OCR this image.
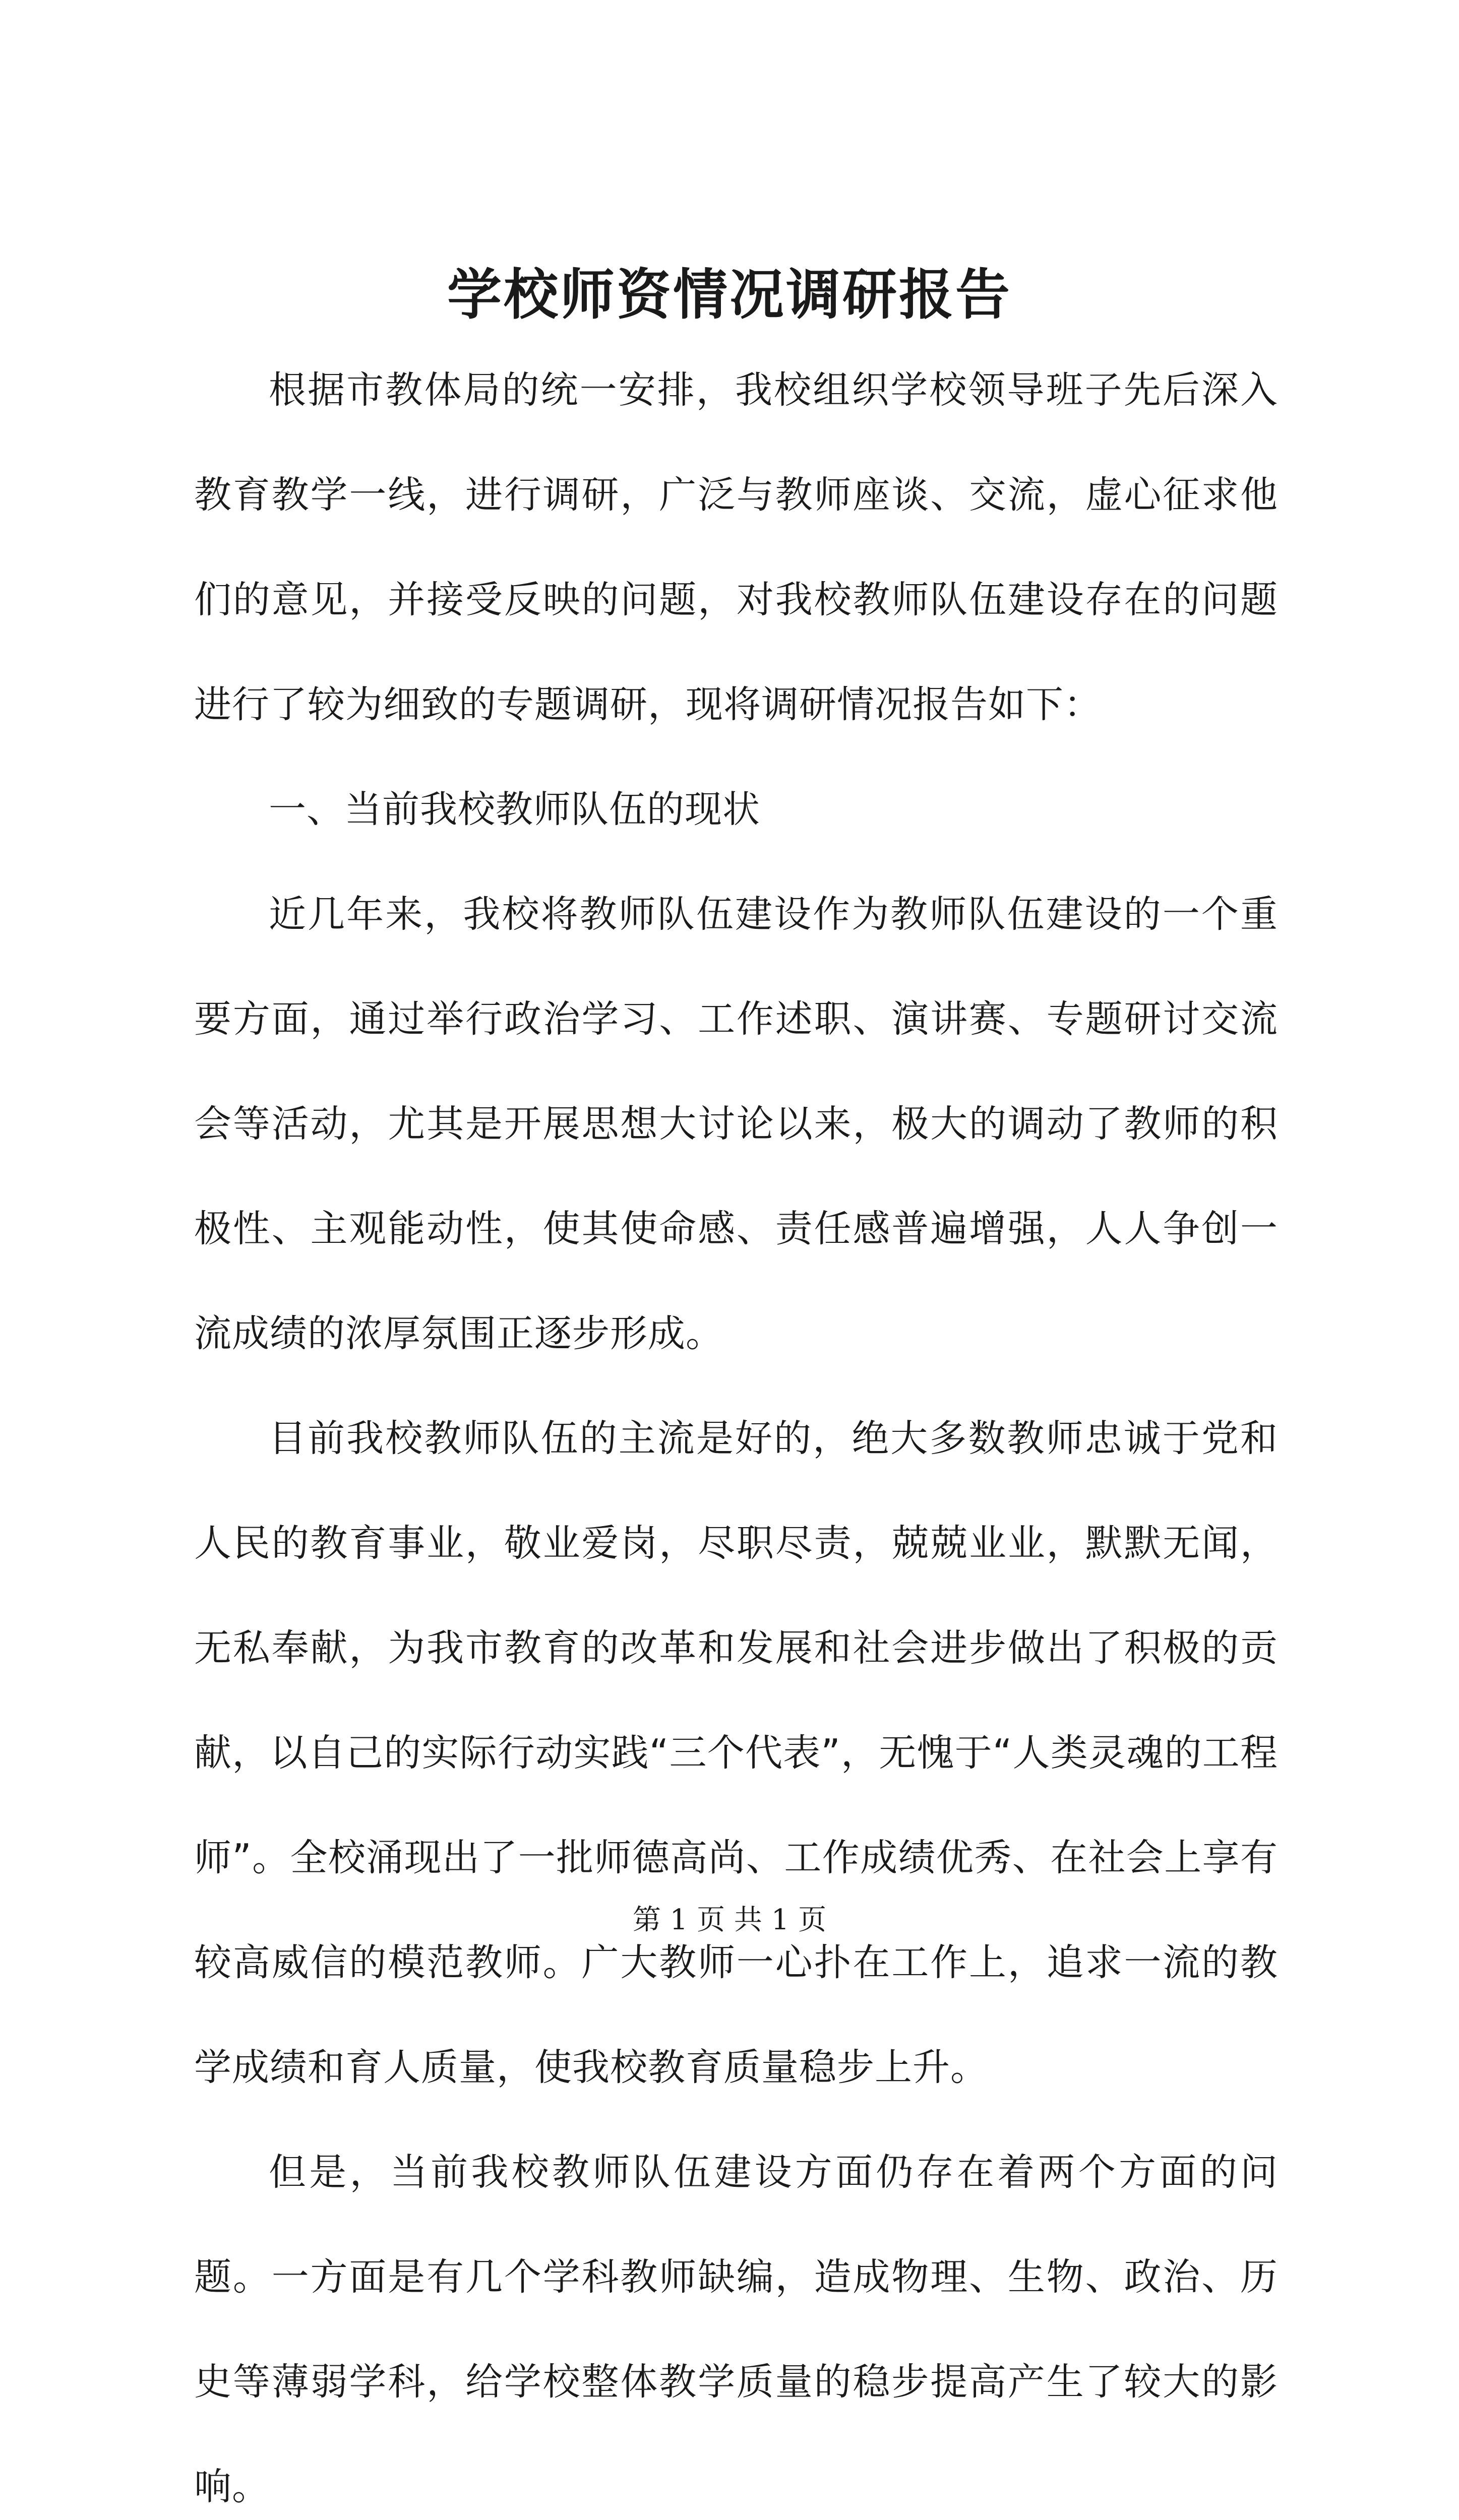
学校师资情况调研报告

根据市教体局的统一安排，我校组织学校领导班子先后深入教育教学一线，进行调研，广泛与教师座谈、交流，虚心征求他们的意见，并接受反映的问题，对我校教师队伍建设存在的问题进行了较为细致的专题调研，现将调研情况报告如下：

一、当前我校教师队伍的现状

近几年来，我校将教师队伍建设作为教师队伍建设的一个重要方面，通过举行政治学习、工作述职、演讲赛、专题研讨交流会等活动，尤其是开展思想大讨论以来，极大的调动了教师的积极性、主观能动性，使其使命感、责任感普遍增强，人人争创一流成绩的浓厚氛围正逐步形成。

目前我校教师队伍的主流是好的，绝大多数教师忠诚于党和人民的教育事业，敬业爱岗，尽职尽责，兢兢业业，默默无闻，无私奉献，为我市教育的改革和发展和社会进步做出了积极的贡献，以自己的实际行动实践“三个代表”，无愧于“人类灵魂的工程师”。全校涌现出了一批师德高尚、工作成绩优秀、在社会上享有较高威信的模范教师。广大教师一心扑在工作上，追求一流的教学成绩和育人质量，使我校教育质量稳步上升。

但是，当前我校教师队伍建设方面仍存在着两个方面的问题。一方面是有几个学科教师缺编，造成物理、生物、政治、历史等薄弱学科，给学校整体教学质量的稳步提高产生了较大的影响。

第 1 页 共 1 页
